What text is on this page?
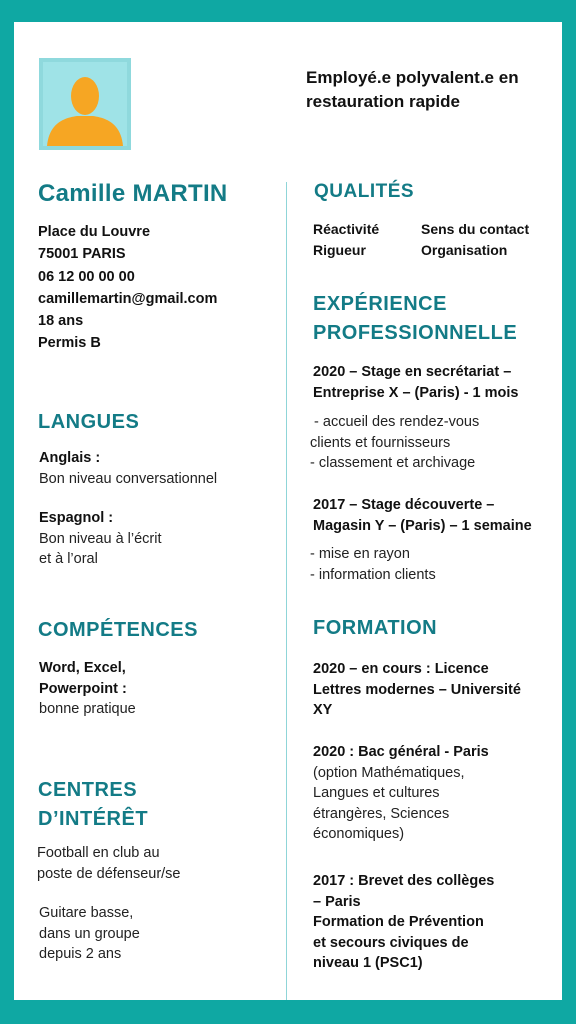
Employé.e polyvalent.e en restauration rapide
Camille MARTIN
Place du Louvre
75001 PARIS
06 12 00 00 00
camillemartin@gmail.com
18 ans
Permis B
LANGUES
Anglais :
Bon niveau conversationnel
Espagnol :
Bon niveau à l’écrit
et à l’oral
COMPÉTENCES
Word, Excel,
Powerpoint :
bonne pratique
CENTRES
D’INTÉRÊT
Football en club au
poste de défenseur/se
Guitare basse,
dans un groupe
depuis 2 ans
QUALITÉS
Réactivité	Sens du contact
Rigueur	Organisation
EXPÉRIENCE
PROFESSIONNELLE
2020 – Stage en secrétariat –
Entreprise X – (Paris) - 1 mois
- accueil des rendez-vous
clients et fournisseurs
- classement et archivage
2017 – Stage découverte –
Magasin Y – (Paris) – 1 semaine
- mise en rayon
- information clients
FORMATION
2020 – en cours : Licence
Lettres modernes – Université
XY
2020 : Bac général - Paris
(option Mathématiques,
Langues et cultures
étrangères, Sciences
économiques)
2017 : Brevet des collèges
– Paris
Formation de Prévention
et secours civiques de
niveau 1 (PSC1)
